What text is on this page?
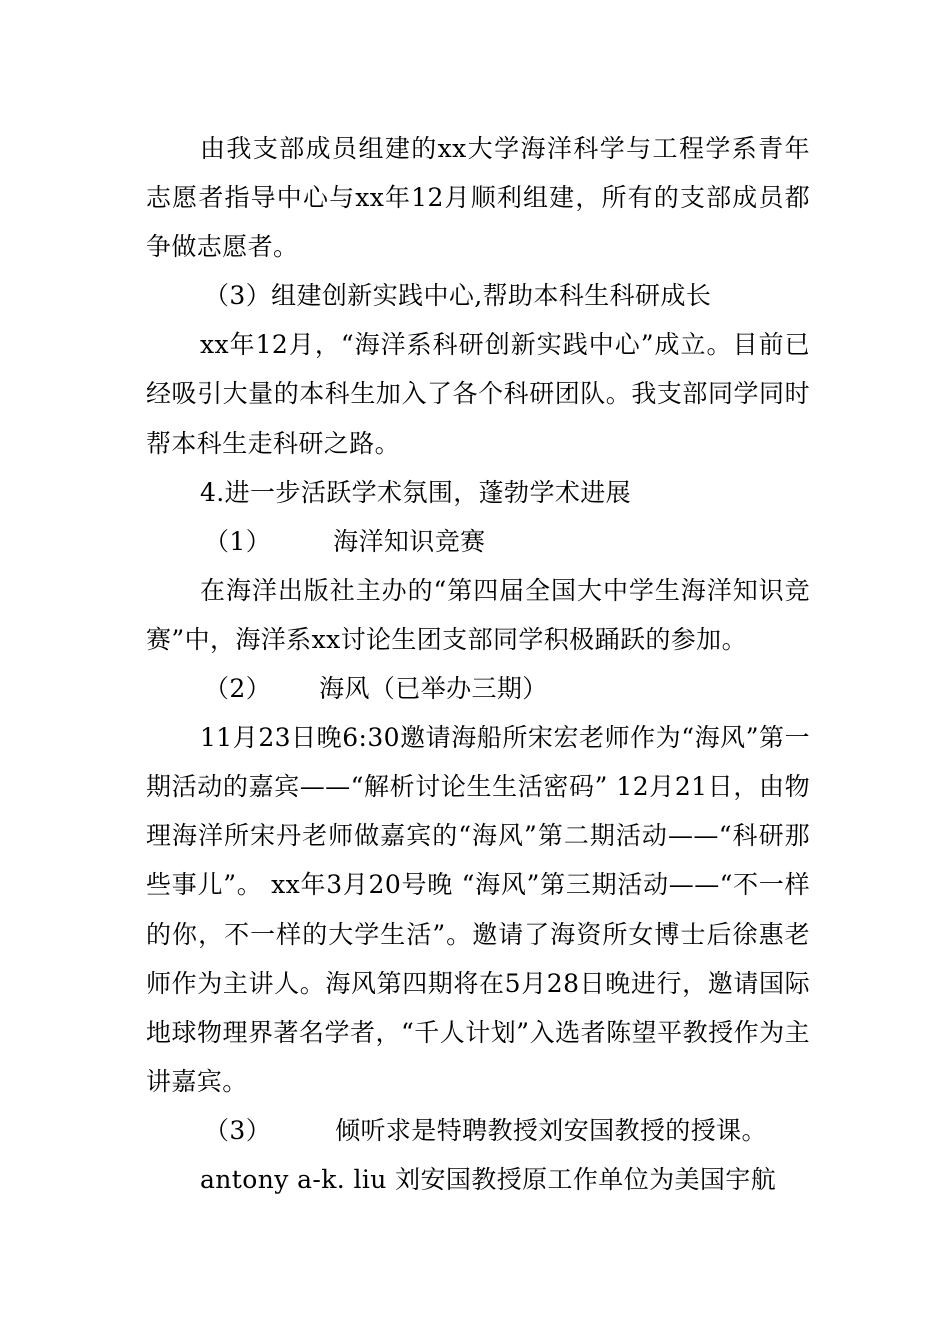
由我支部成员组建的xx大学海洋科学与工程学系青年志愿者指导中心与xx年12月顺利组建，所有的支部成员都争做志愿者。

（3）组建创新实践中心,帮助本科生科研成长

xx年12月，“海洋系科研创新实践中心”成立。目前已经吸引大量的本科生加入了各个科研团队。我支部同学同时帮本科生走科研之路。

4.进一步活跃学术氛围，蓬勃学术进展

（1） 海洋知识竞赛

在海洋出版社主办的“第四届全国大中学生海洋知识竞赛”中，海洋系xx讨论生团支部同学积极踊跃的参加。

（2） 海风（已举办三期）

11月23日晚6:30邀请海船所宋宏老师作为“海风”第一期活动的嘉宾——“解析讨论生生活密码” 12月21日，由物理海洋所宋丹老师做嘉宾的“海风”第二期活动——“科研那些事儿”。 xx年3月20号晚 “海风”第三期活动——“不一样的你，不一样的大学生活”。邀请了海资所女博士后徐惠老师作为主讲人。海风第四期将在5月28日晚进行，邀请国际地球物理界著名学者，“千人计划”入选者陈望平教授作为主讲嘉宾。

（3）	倾听求是特聘教授刘安国教授的授课。

antony a-k. liu 刘安国教授原工作单位为美国宇航
